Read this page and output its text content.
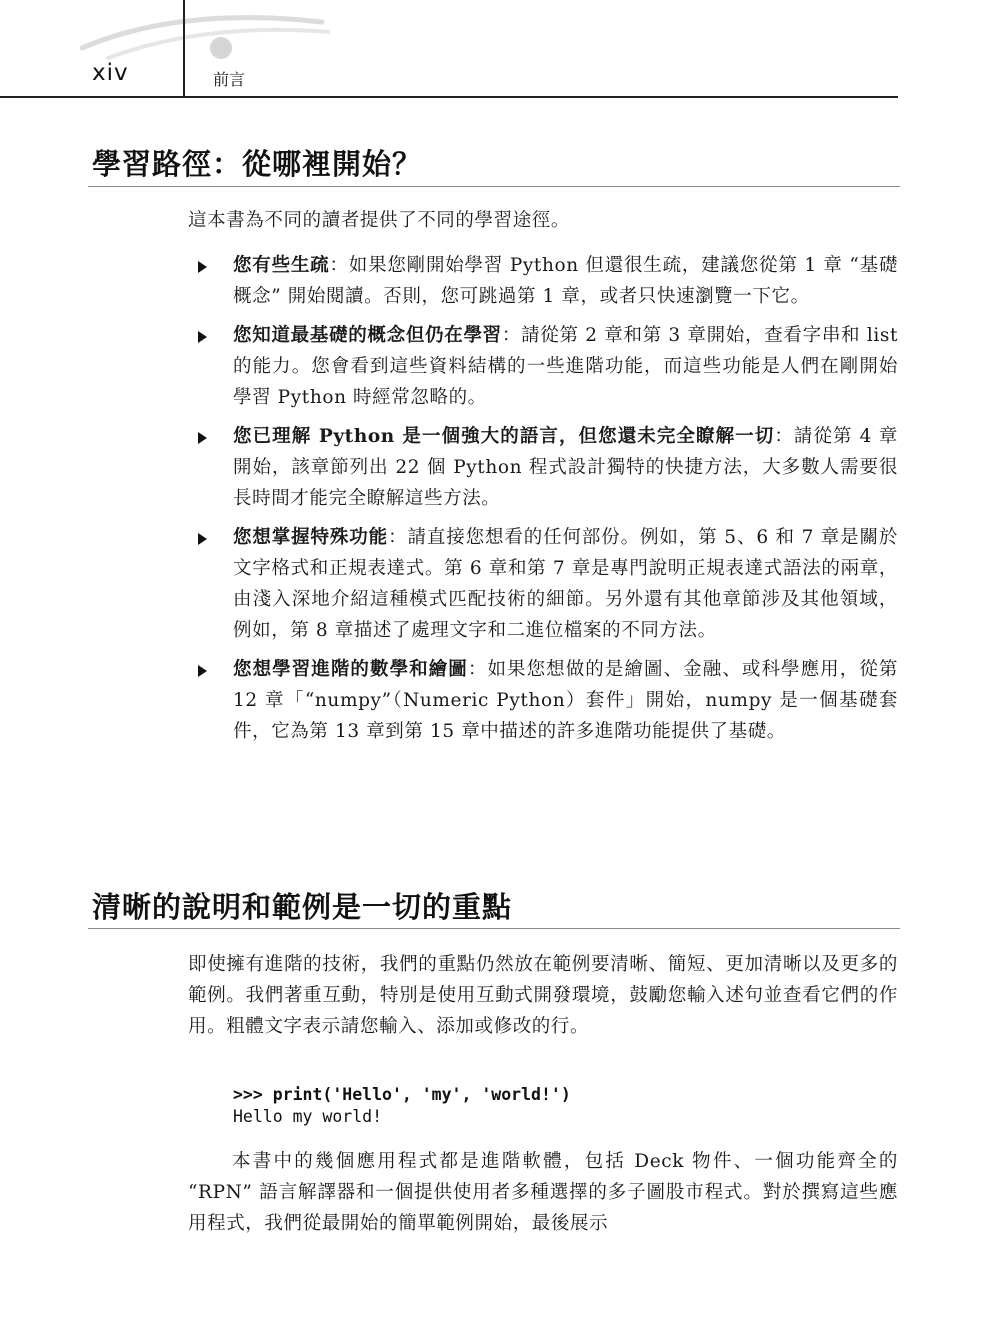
xiv	前言
學習路徑：從哪裡開始？

這本書為不同的讀者提供了不同的學習途徑。

您有些生疏：如果您剛開始學習 Python 但還很生疏，建議您從第 1 章 “基礎概念” 開始閱讀。否則，您可跳過第 1 章，或者只快速瀏覽一下它。
您知道最基礎的概念但仍在學習：請從第 2 章和第 3 章開始，查看字串和 list 的能力。您會看到這些資料結構的一些進階功能，而這些功能是人們在剛開始學習 Python 時經常忽略的。
您已理解 Python 是一個強大的語言，但您還未完全瞭解一切：請從第 4 章開始，該章節列出 22 個 Python 程式設計獨特的快捷方法，大多數人需要很長時間才能完全瞭解這些方法。
您想掌握特殊功能：請直接您想看的任何部份。例如，第 5、6 和 7 章是關於文字格式和正規表達式。第 6 章和第 7 章是專門說明正規表達式語法的兩章，由淺入深地介紹這種模式匹配技術的細節。另外還有其他章節涉及其他領域，例如，第 8 章描述了處理文字和二進位檔案的不同方法。
您想學習進階的數學和繪圖：如果您想做的是繪圖、金融、或科學應用，從第 12 章「“numpy”（Numeric Python）套件」開始，numpy 是一個基礎套件，它為第 13 章到第 15 章中描述的許多進階功能提供了基礎。
清晰的說明和範例是一切的重點

即使擁有進階的技術，我們的重點仍然放在範例要清晰、簡短、更加清晰以及更多的範例。我們著重互動，特別是使用互動式開發環境，鼓勵您輸入述句並查看它們的作用。粗體文字表示請您輸入、添加或修改的行。

>>> print('Hello', 'my', 'world!')
Hello my world!

本書中的幾個應用程式都是進階軟體，包括 Deck 物件、一個功能齊全的 “RPN” 語言解譯器和一個提供使用者多種選擇的多子圖股市程式。對於撰寫這些應用程式，我們從最開始的簡單範例開始，最後展示
